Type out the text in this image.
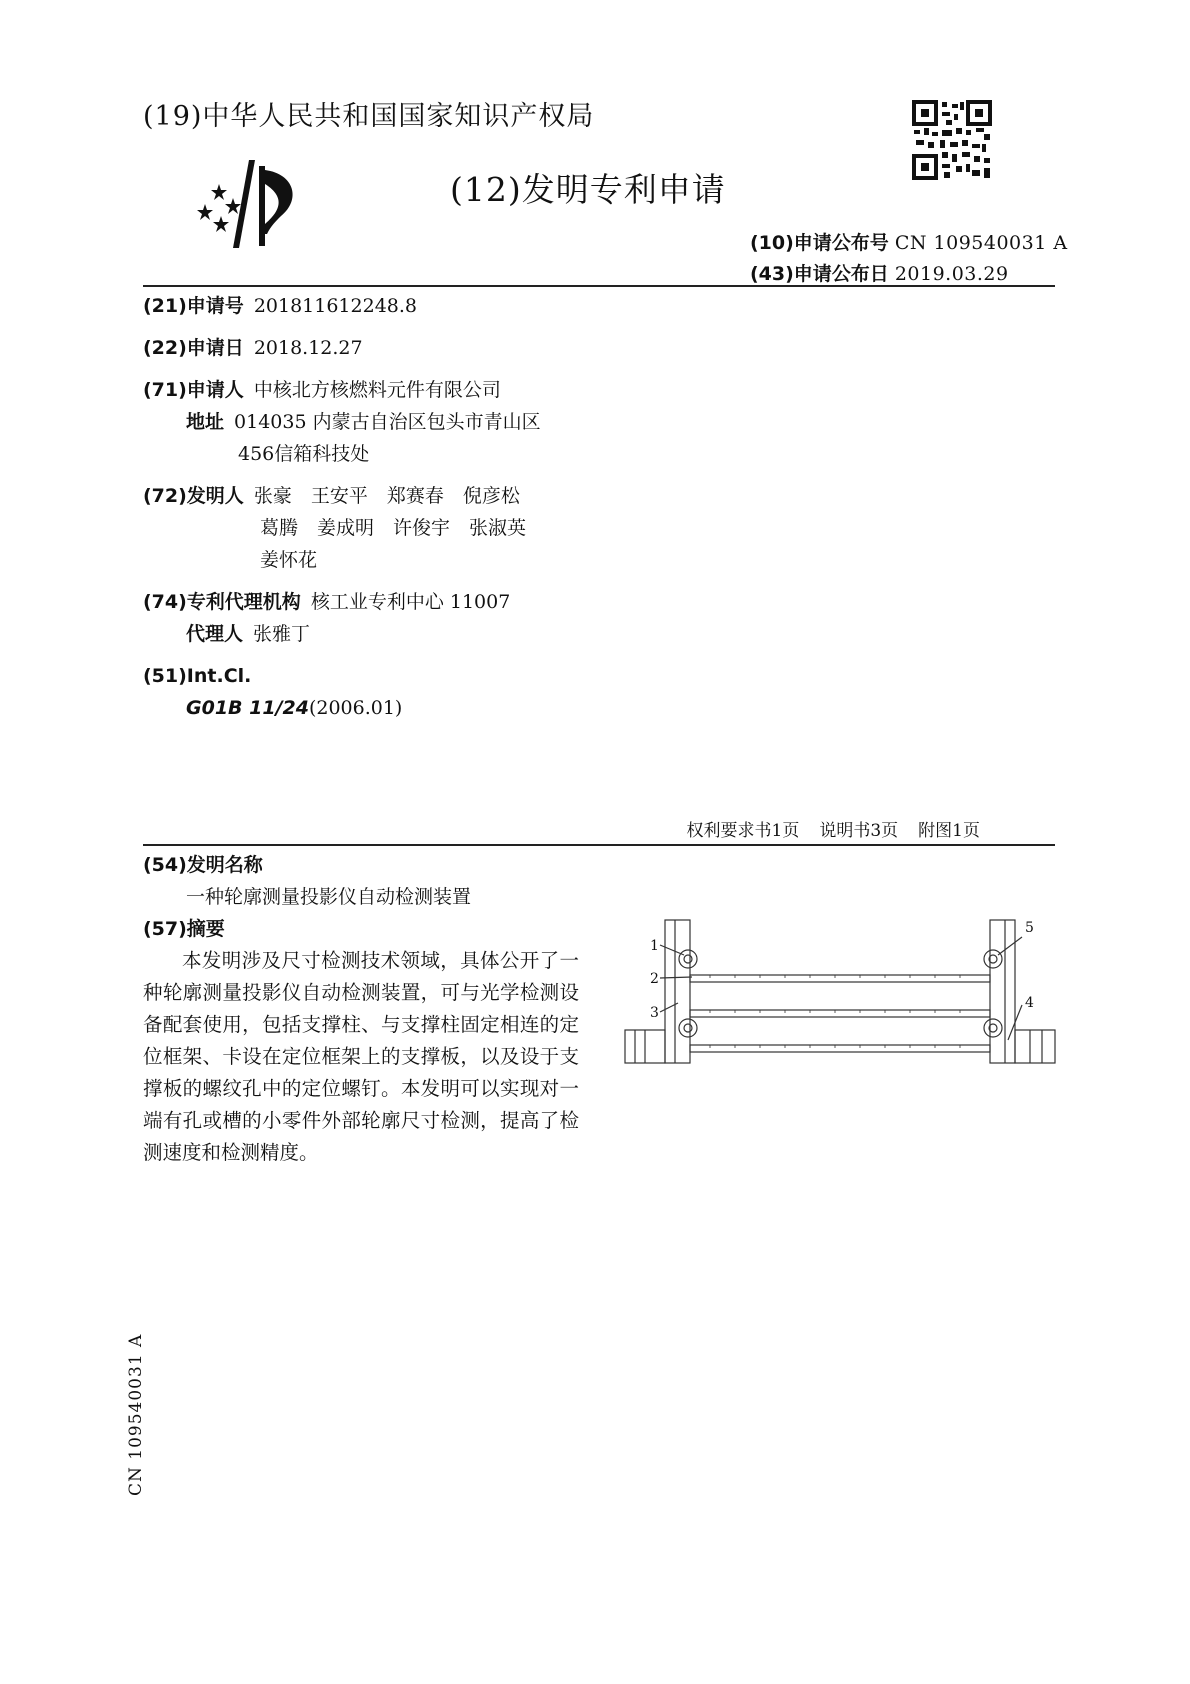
(19)中华人民共和国国家知识产权局
(12)发明专利申请
(10)申请公布号 CN 109540031 A
(43)申请公布日 2019.03.29
(21)申请号 201811612248.8
(22)申请日 2018.12.27
(71)申请人 中核北方核燃料元件有限公司
地址 014035 内蒙古自治区包头市青山区
456信箱科技处
(72)发明人 张豪　王安平　郑赛春　倪彦松
葛腾　姜成明　许俊宇　张淑英
姜怀花
(74)专利代理机构 核工业专利中心 11007
代理人 张雅丁
(51)Int.Cl.
G01B 11/24(2006.01)
权利要求书1页 说明书3页 附图1页
(54)发明名称
一种轮廓测量投影仪自动检测装置
(57)摘要
本发明涉及尺寸检测技术领域，具体公开了一种轮廓测量投影仪自动检测装置，可与光学检测设备配套使用，包括支撑柱、与支撑柱固定相连的定位框架、卡设在定位框架上的支撑板，以及设于支撑板的螺纹孔中的定位螺钉。本发明可以实现对一端有孔或槽的小零件外部轮廓尺寸检测，提高了检测速度和检测精度。
1
2
3
4
5
CN 109540031 A
